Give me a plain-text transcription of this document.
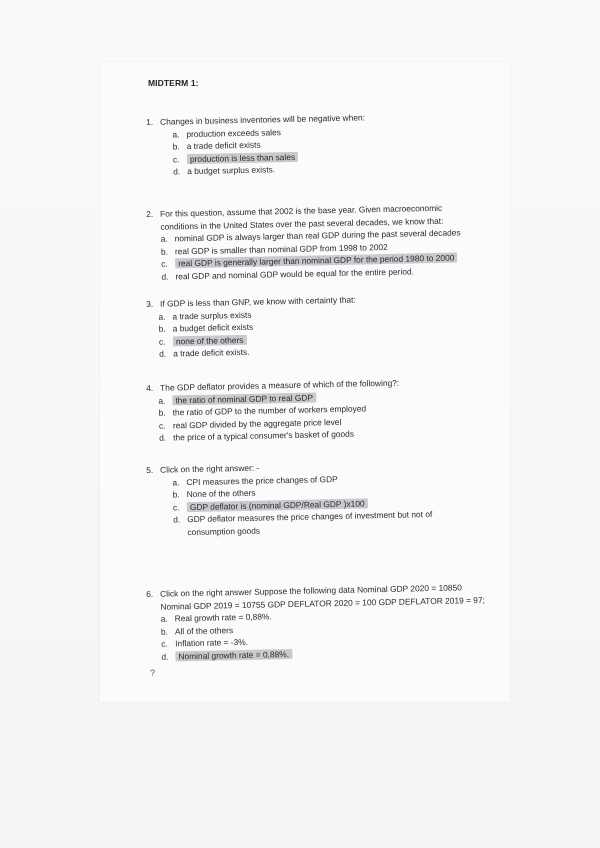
MIDTERM 1:
1. Changes in business inventories will be negative when:
a. production exceeds sales
b. a trade deficit exists
c. production is less than sales
d. a budget surplus exists.
2. For this question, assume that 2002 is the base year. Given macroeconomic
conditions in the United States over the past several decades, we know that:
a. nominal GDP is always larger than real GDP during the past several decades
b. real GDP is smaller than nominal GDP from 1998 to 2002
c. real GDP is generally larger than nominal GDP for the period 1980 to 2000
d. real GDP and nominal GDP would be equal for the entire period.
3. If GDP is less than GNP, we know with certainty that:
a. a trade surplus exists
b. a budget deficit exists
c. none of the others
d. a trade deficit exists.
4. The GDP deflator provides a measure of which of the following?:
a. the ratio of nominal GDP to real GDP
b. the ratio of GDP to the number of workers employed
c. real GDP divided by the aggregate price level
d. the price of a typical consumer's basket of goods
5. Click on the right answer: -
a. CPI measures the price changes of GDP
b. None of the others
c. GDP deflator is (nominal GDP/Real GDP )x100
d. GDP deflator measures the price changes of investment but not of
consumption goods
6. Click on the right answer Suppose the following data Nominal GDP 2020 = 10850
Nominal GDP 2019 = 10755 GDP DEFLATOR 2020 = 100 GDP DEFLATOR 2019 = 97;
a. Real growth rate = 0,88%.
b. All of the others
c. Inflation rate = -3%.
d. Nominal growth rate = 0,88%.
?
